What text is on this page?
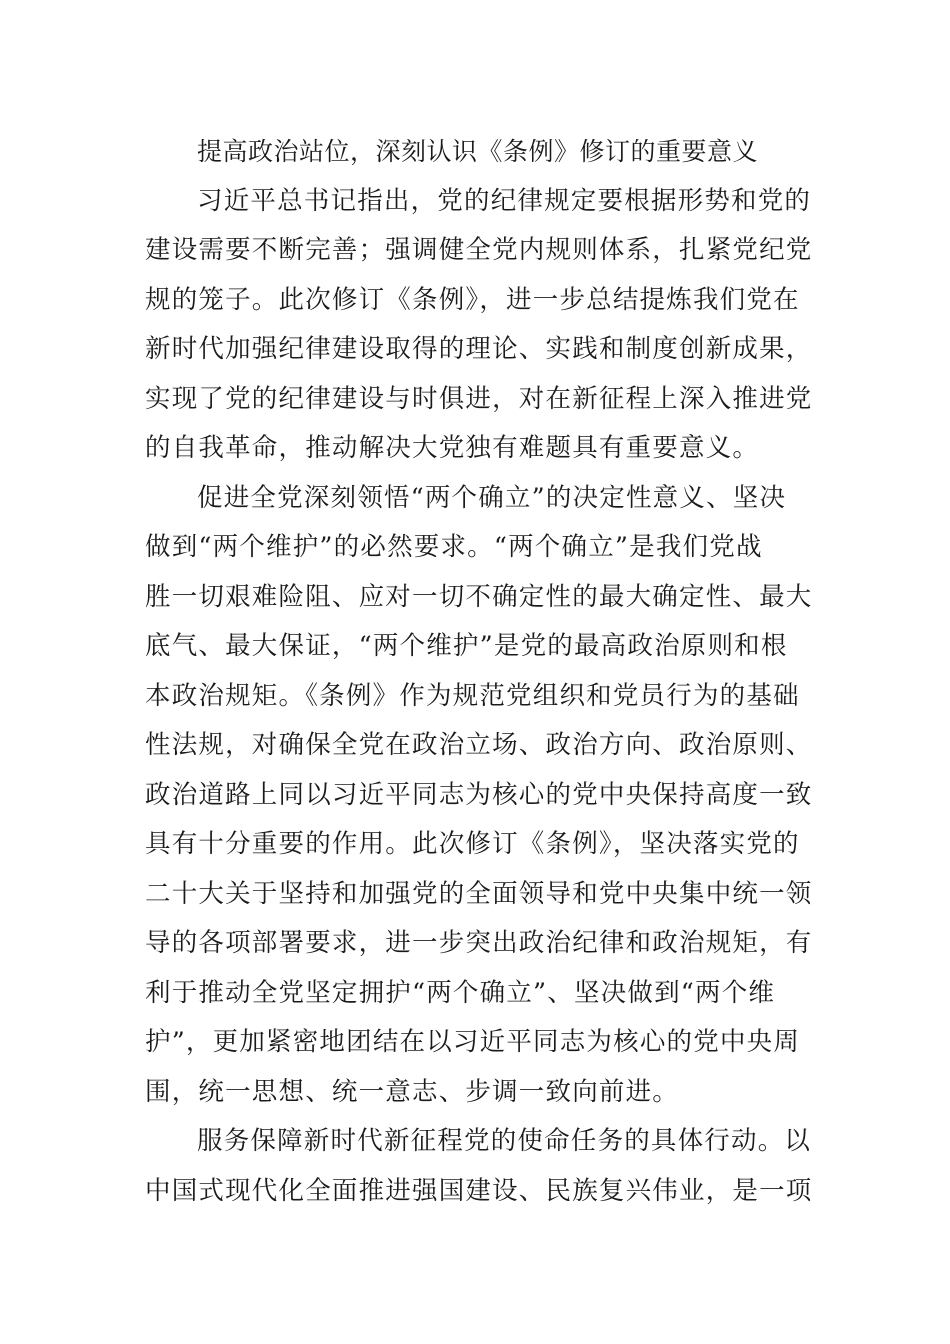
提高政治站位，深刻认识《条例》修订的重要意义

习近平总书记指出，党的纪律规定要根据形势和党的
建设需要不断完善；强调健全党内规则体系，扎紧党纪党
规的笼子。此次修订《条例》，进一步总结提炼我们党在
新时代加强纪律建设取得的理论、实践和制度创新成果，
实现了党的纪律建设与时俱进，对在新征程上深入推进党
的自我革命，推动解决大党独有难题具有重要意义。

促进全党深刻领悟“两个确立”的决定性意义、坚决
做到“两个维护”的必然要求。“两个确立”是我们党战
胜一切艰难险阻、应对一切不确定性的最大确定性、最大
底气、最大保证，“两个维护”是党的最高政治原则和根
本政治规矩。《条例》作为规范党组织和党员行为的基础
性法规，对确保全党在政治立场、政治方向、政治原则、
政治道路上同以习近平同志为核心的党中央保持高度一致
具有十分重要的作用。此次修订《条例》，坚决落实党的
二十大关于坚持和加强党的全面领导和党中央集中统一领
导的各项部署要求，进一步突出政治纪律和政治规矩，有
利于推动全党坚定拥护“两个确立”、坚决做到“两个维
护”，更加紧密地团结在以习近平同志为核心的党中央周
围，统一思想、统一意志、步调一致向前进。

服务保障新时代新征程党的使命任务的具体行动。以
中国式现代化全面推进强国建设、民族复兴伟业，是一项
